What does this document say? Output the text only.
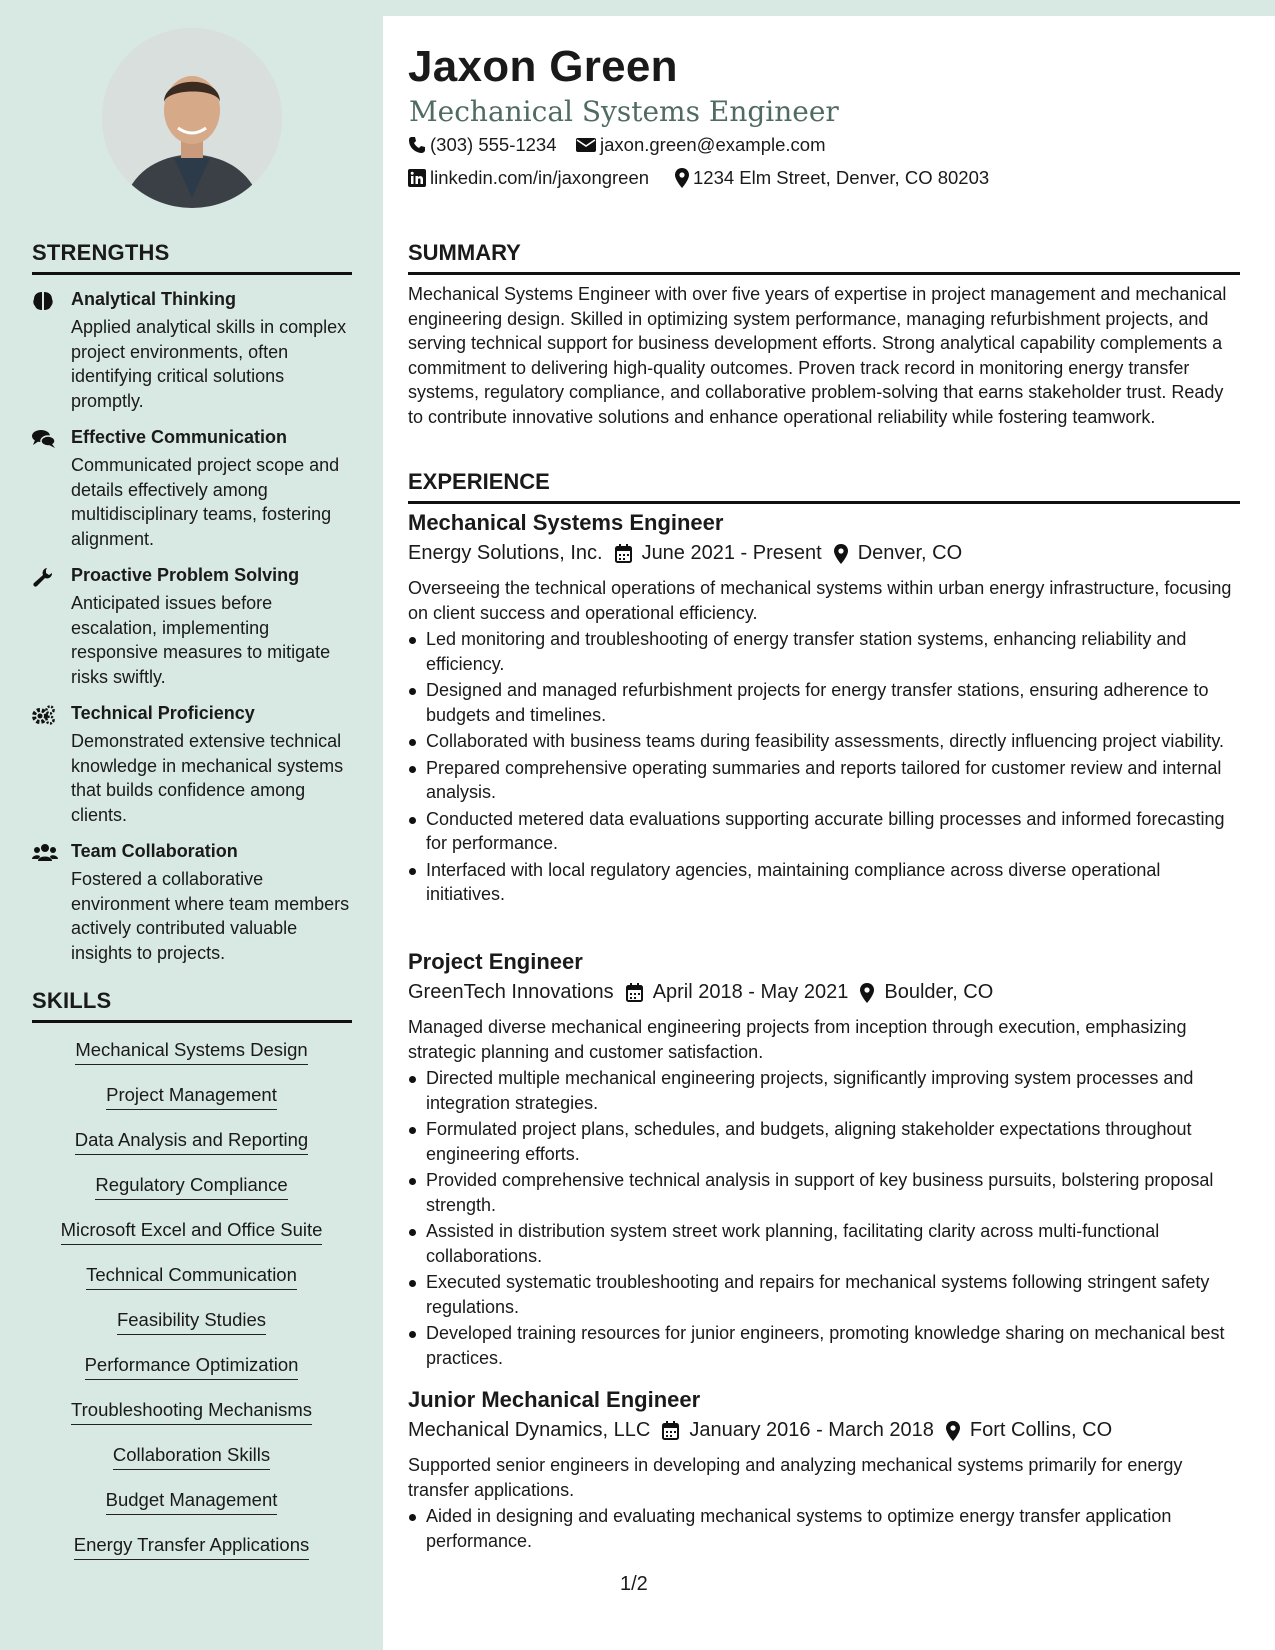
STRENGTHS
Analytical Thinking
Applied analytical skills in complex project environments, often identifying critical solutions promptly.
Effective Communication
Communicated project scope and details effectively among multidisciplinary teams, fostering alignment.
Proactive Problem Solving
Anticipated issues before escalation, implementing responsive measures to mitigate risks swiftly.
Technical Proficiency
Demonstrated extensive technical knowledge in mechanical systems that builds confidence among clients.
Team Collaboration
Fostered a collaborative environment where team members actively contributed valuable insights to projects.
SKILLS
Mechanical Systems Design
Project Management
Data Analysis and Reporting
Regulatory Compliance
Microsoft Excel and Office Suite
Technical Communication
Feasibility Studies
Performance Optimization
Troubleshooting Mechanisms
Collaboration Skills
Budget Management
Energy Transfer Applications
Jaxon Green
Mechanical Systems Engineer
(303) 555-1234 jaxon.green@example.com
linkedin.com/in/jaxongreen 1234 Elm Street, Denver, CO 80203
SUMMARY
Mechanical Systems Engineer with over five years of expertise in project management and mechanical engineering design. Skilled in optimizing system performance, managing refurbishment projects, and serving technical support for business development efforts. Strong analytical capability complements a commitment to delivering high-quality outcomes. Proven track record in monitoring energy transfer systems, regulatory compliance, and collaborative problem-solving that earns stakeholder trust. Ready to contribute innovative solutions and enhance operational reliability while fostering teamwork.
EXPERIENCE
Mechanical Systems Engineer
Energy Solutions, Inc. June 2021 - Present Denver, CO
Overseeing the technical operations of mechanical systems within urban energy infrastructure, focusing on client success and operational efficiency.
Led monitoring and troubleshooting of energy transfer station systems, enhancing reliability and efficiency.
Designed and managed refurbishment projects for energy transfer stations, ensuring adherence to budgets and timelines.
Collaborated with business teams during feasibility assessments, directly influencing project viability.
Prepared comprehensive operating summaries and reports tailored for customer review and internal analysis.
Conducted metered data evaluations supporting accurate billing processes and informed forecasting for performance.
Interfaced with local regulatory agencies, maintaining compliance across diverse operational initiatives.
Project Engineer
GreenTech Innovations April 2018 - May 2021 Boulder, CO
Managed diverse mechanical engineering projects from inception through execution, emphasizing strategic planning and customer satisfaction.
Directed multiple mechanical engineering projects, significantly improving system processes and integration strategies.
Formulated project plans, schedules, and budgets, aligning stakeholder expectations throughout engineering efforts.
Provided comprehensive technical analysis in support of key business pursuits, bolstering proposal strength.
Assisted in distribution system street work planning, facilitating clarity across multi-functional collaborations.
Executed systematic troubleshooting and repairs for mechanical systems following stringent safety regulations.
Developed training resources for junior engineers, promoting knowledge sharing on mechanical best practices.
Junior Mechanical Engineer
Mechanical Dynamics, LLC January 2016 - March 2018 Fort Collins, CO
Supported senior engineers in developing and analyzing mechanical systems primarily for energy transfer applications.
Aided in designing and evaluating mechanical systems to optimize energy transfer application performance.
1/2
